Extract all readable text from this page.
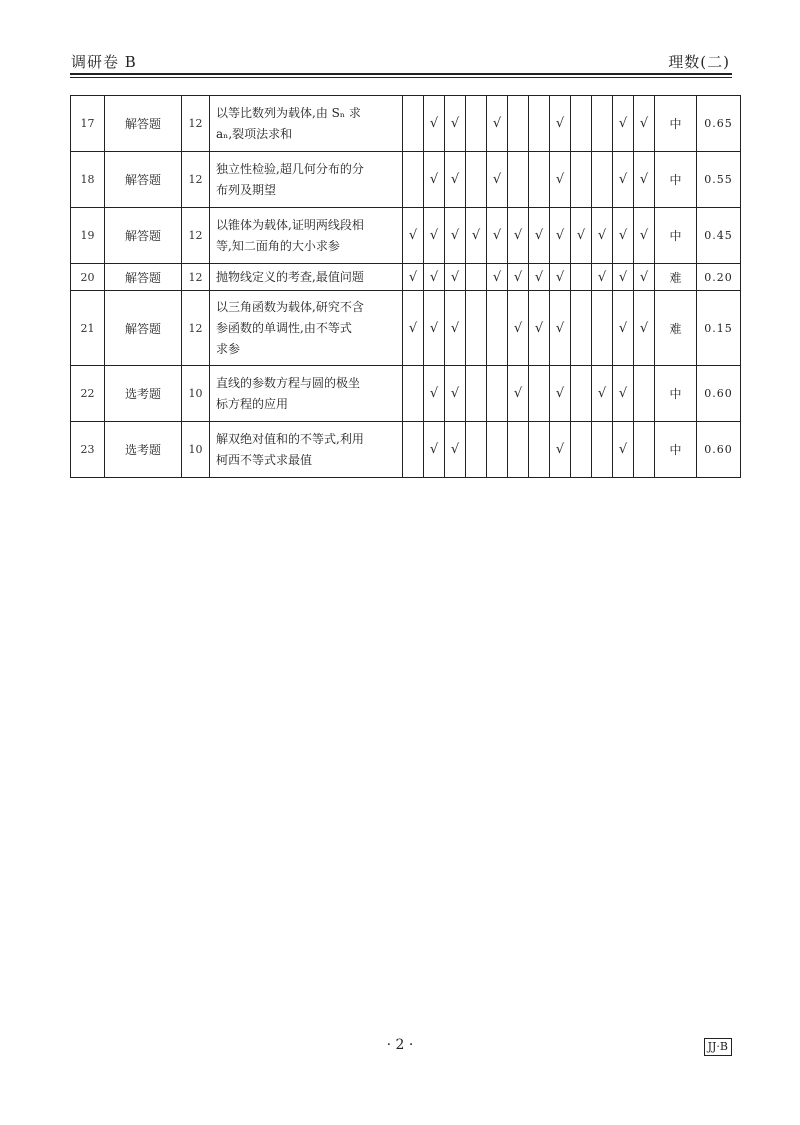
调研卷 B	理数(二)
17	解答题	12	以等比数列为载体,由 Sₙ 求
aₙ,裂项法求和		√	√		√			√			√	√	中	0.65
18	解答题	12	独立性检验,超几何分布的分
布列及期望		√	√		√			√			√	√	中	0.55
19	解答题	12	以锥体为载体,证明两线段相
等,知二面角的大小求参	√	√	√	√	√	√	√	√	√	√	√	√	中	0.45
20	解答题	12	抛物线定义的考查,最值问题	√	√	√		√	√	√	√		√	√	√	难	0.20
21	解答题	12	以三角函数为载体,研究不含
参函数的单调性,由不等式
求参	√	√	√			√	√	√			√	√	难	0.15
22	选考题	10	直线的参数方程与圆的极坐
标方程的应用		√	√			√		√		√	√		中	0.60
23	选考题	10	解双绝对值和的不等式,利用
柯西不等式求最值		√	√					√			√		中	0.60
· 2 ·	JJ·B
